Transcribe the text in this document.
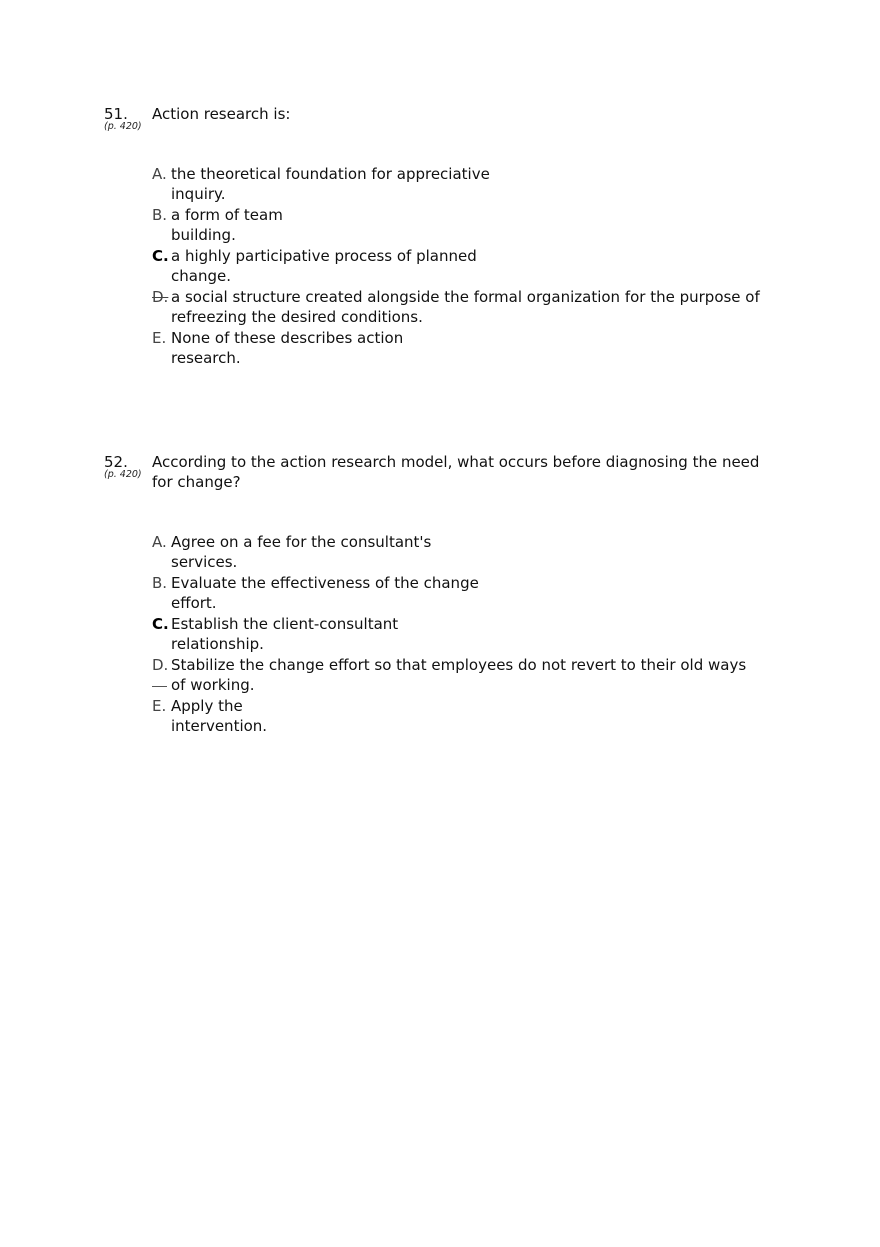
51.
(p. 420)
Action research is:
A. the theoretical foundation for appreciative
inquiry.
B. a form of team
building.
C. a highly participative process of planned
change.
D. a social structure created alongside the formal organization for the purpose of
refreezing the desired conditions.
E. None of these describes action
research.
52.
(p. 420)
According to the action research model, what occurs before diagnosing the need
for change?
A. Agree on a fee for the consultant's
services.
B. Evaluate the effectiveness of the change
effort.
C. Establish the client-consultant
relationship.
D. Stabilize the change effort so that employees do not revert to their old ways
of working.
E. Apply the
intervention.
